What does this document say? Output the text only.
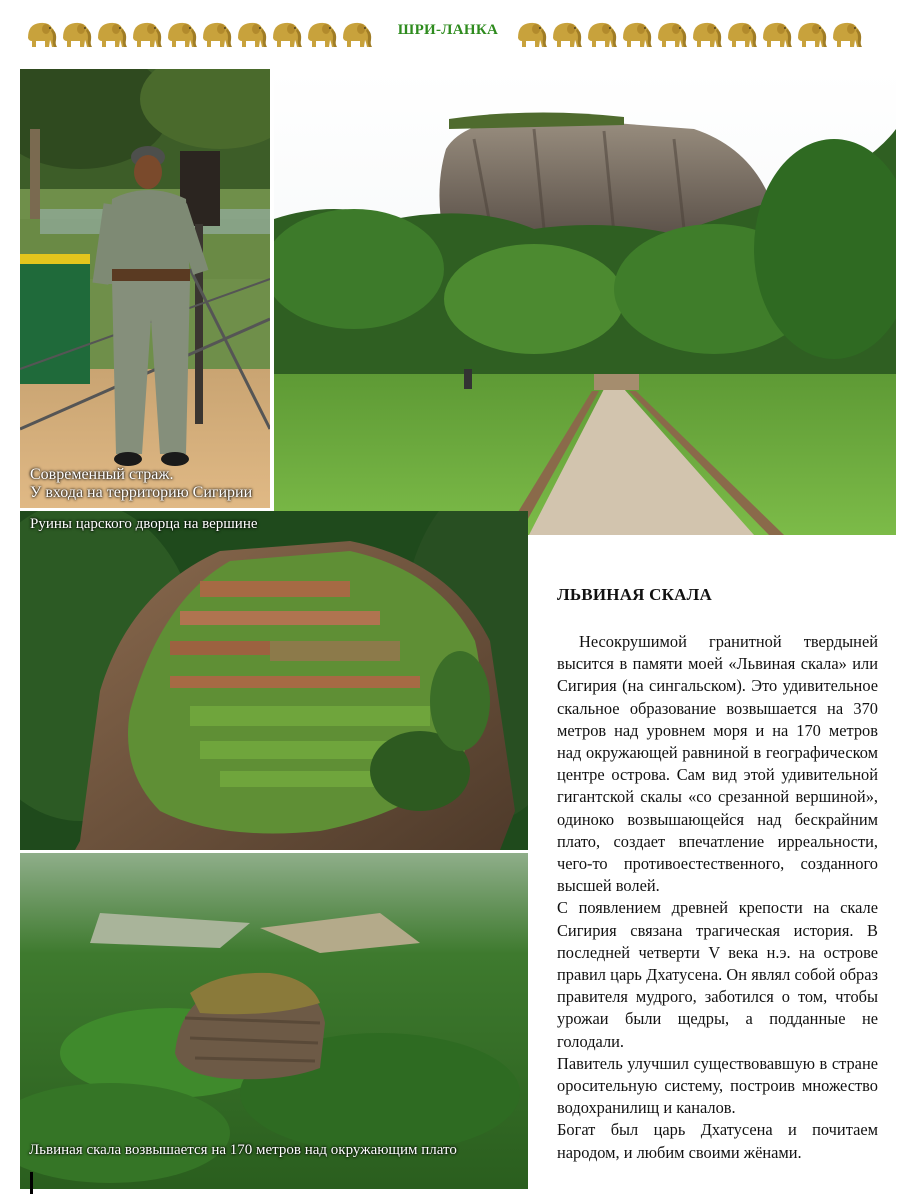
ШРИ-ЛАНКА
Современный страж.
У входа на территорию Сигирии
Руины царского дворца на вершине
Львиная скала возвышается на 170 метров над окружающим плато
ЛЬВИНАЯ СКАЛА

Несокрушимой гранитной твердыней высится в памяти моей «Львиная скала» или Сигирия (на сингальском). Это удивительное скальное образование возвышается на 370 метров над уровнем моря и на 170 метров над окружающей равниной в географическом центре острова. Сам вид этой удивительной гигантской скалы «со срезанной вершиной», одиноко возвышающейся над бескрайним плато, создает впечатление ирреальности, чего-то противоестественного, созданного высшей волей.

С появлением древней крепости на скале Сигирия связана трагическая история. В последней четверти V века н.э. на острове правил царь Дхатусена. Он являл собой образ правителя мудрого, заботился о том, чтобы урожаи были щедры, а подданные не голодали.

Павитель улучшил существовавшую в стране оросительную систему, построив множество водохранилищ и каналов.

Богат был царь Дхатусена и почитаем народом, и любим своими жёнами.
